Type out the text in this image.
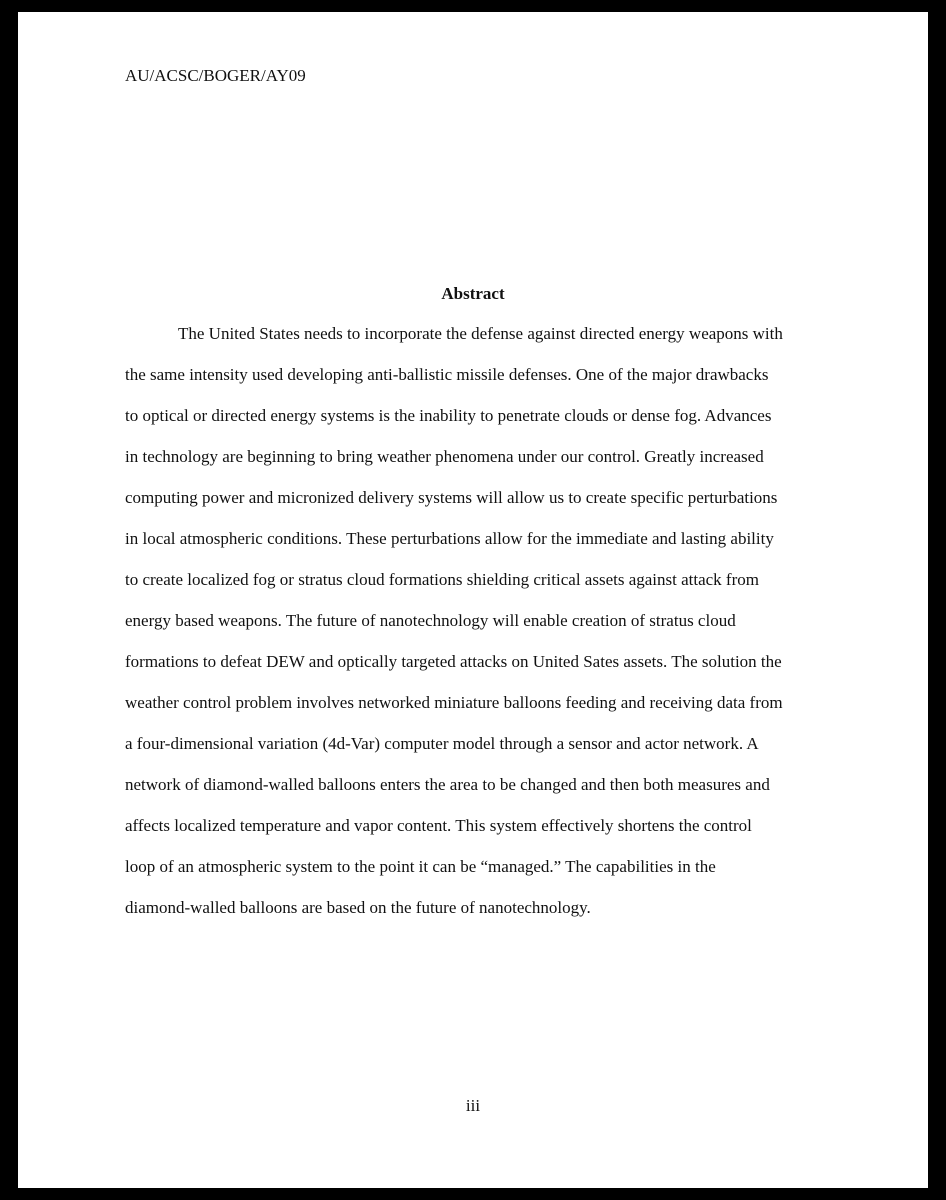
AU/ACSC/BOGER/AY09
Abstract

The United States needs to incorporate the defense against directed energy weapons with
the same intensity used developing anti-ballistic missile defenses. One of the major drawbacks
to optical or directed energy systems is the inability to penetrate clouds or dense fog. Advances
in technology are beginning to bring weather phenomena under our control. Greatly increased
computing power and micronized delivery systems will allow us to create specific perturbations
in local atmospheric conditions. These perturbations allow for the immediate and lasting ability
to create localized fog or stratus cloud formations shielding critical assets against attack from
energy based weapons. The future of nanotechnology will enable creation of stratus cloud
formations to defeat DEW and optically targeted attacks on United Sates assets. The solution the
weather control problem involves networked miniature balloons feeding and receiving data from
a four-dimensional variation (4d-Var) computer model through a sensor and actor network. A
network of diamond-walled balloons enters the area to be changed and then both measures and
affects localized temperature and vapor content. This system effectively shortens the control
loop of an atmospheric system to the point it can be “managed.” The capabilities in the
diamond-walled balloons are based on the future of nanotechnology.

iii
